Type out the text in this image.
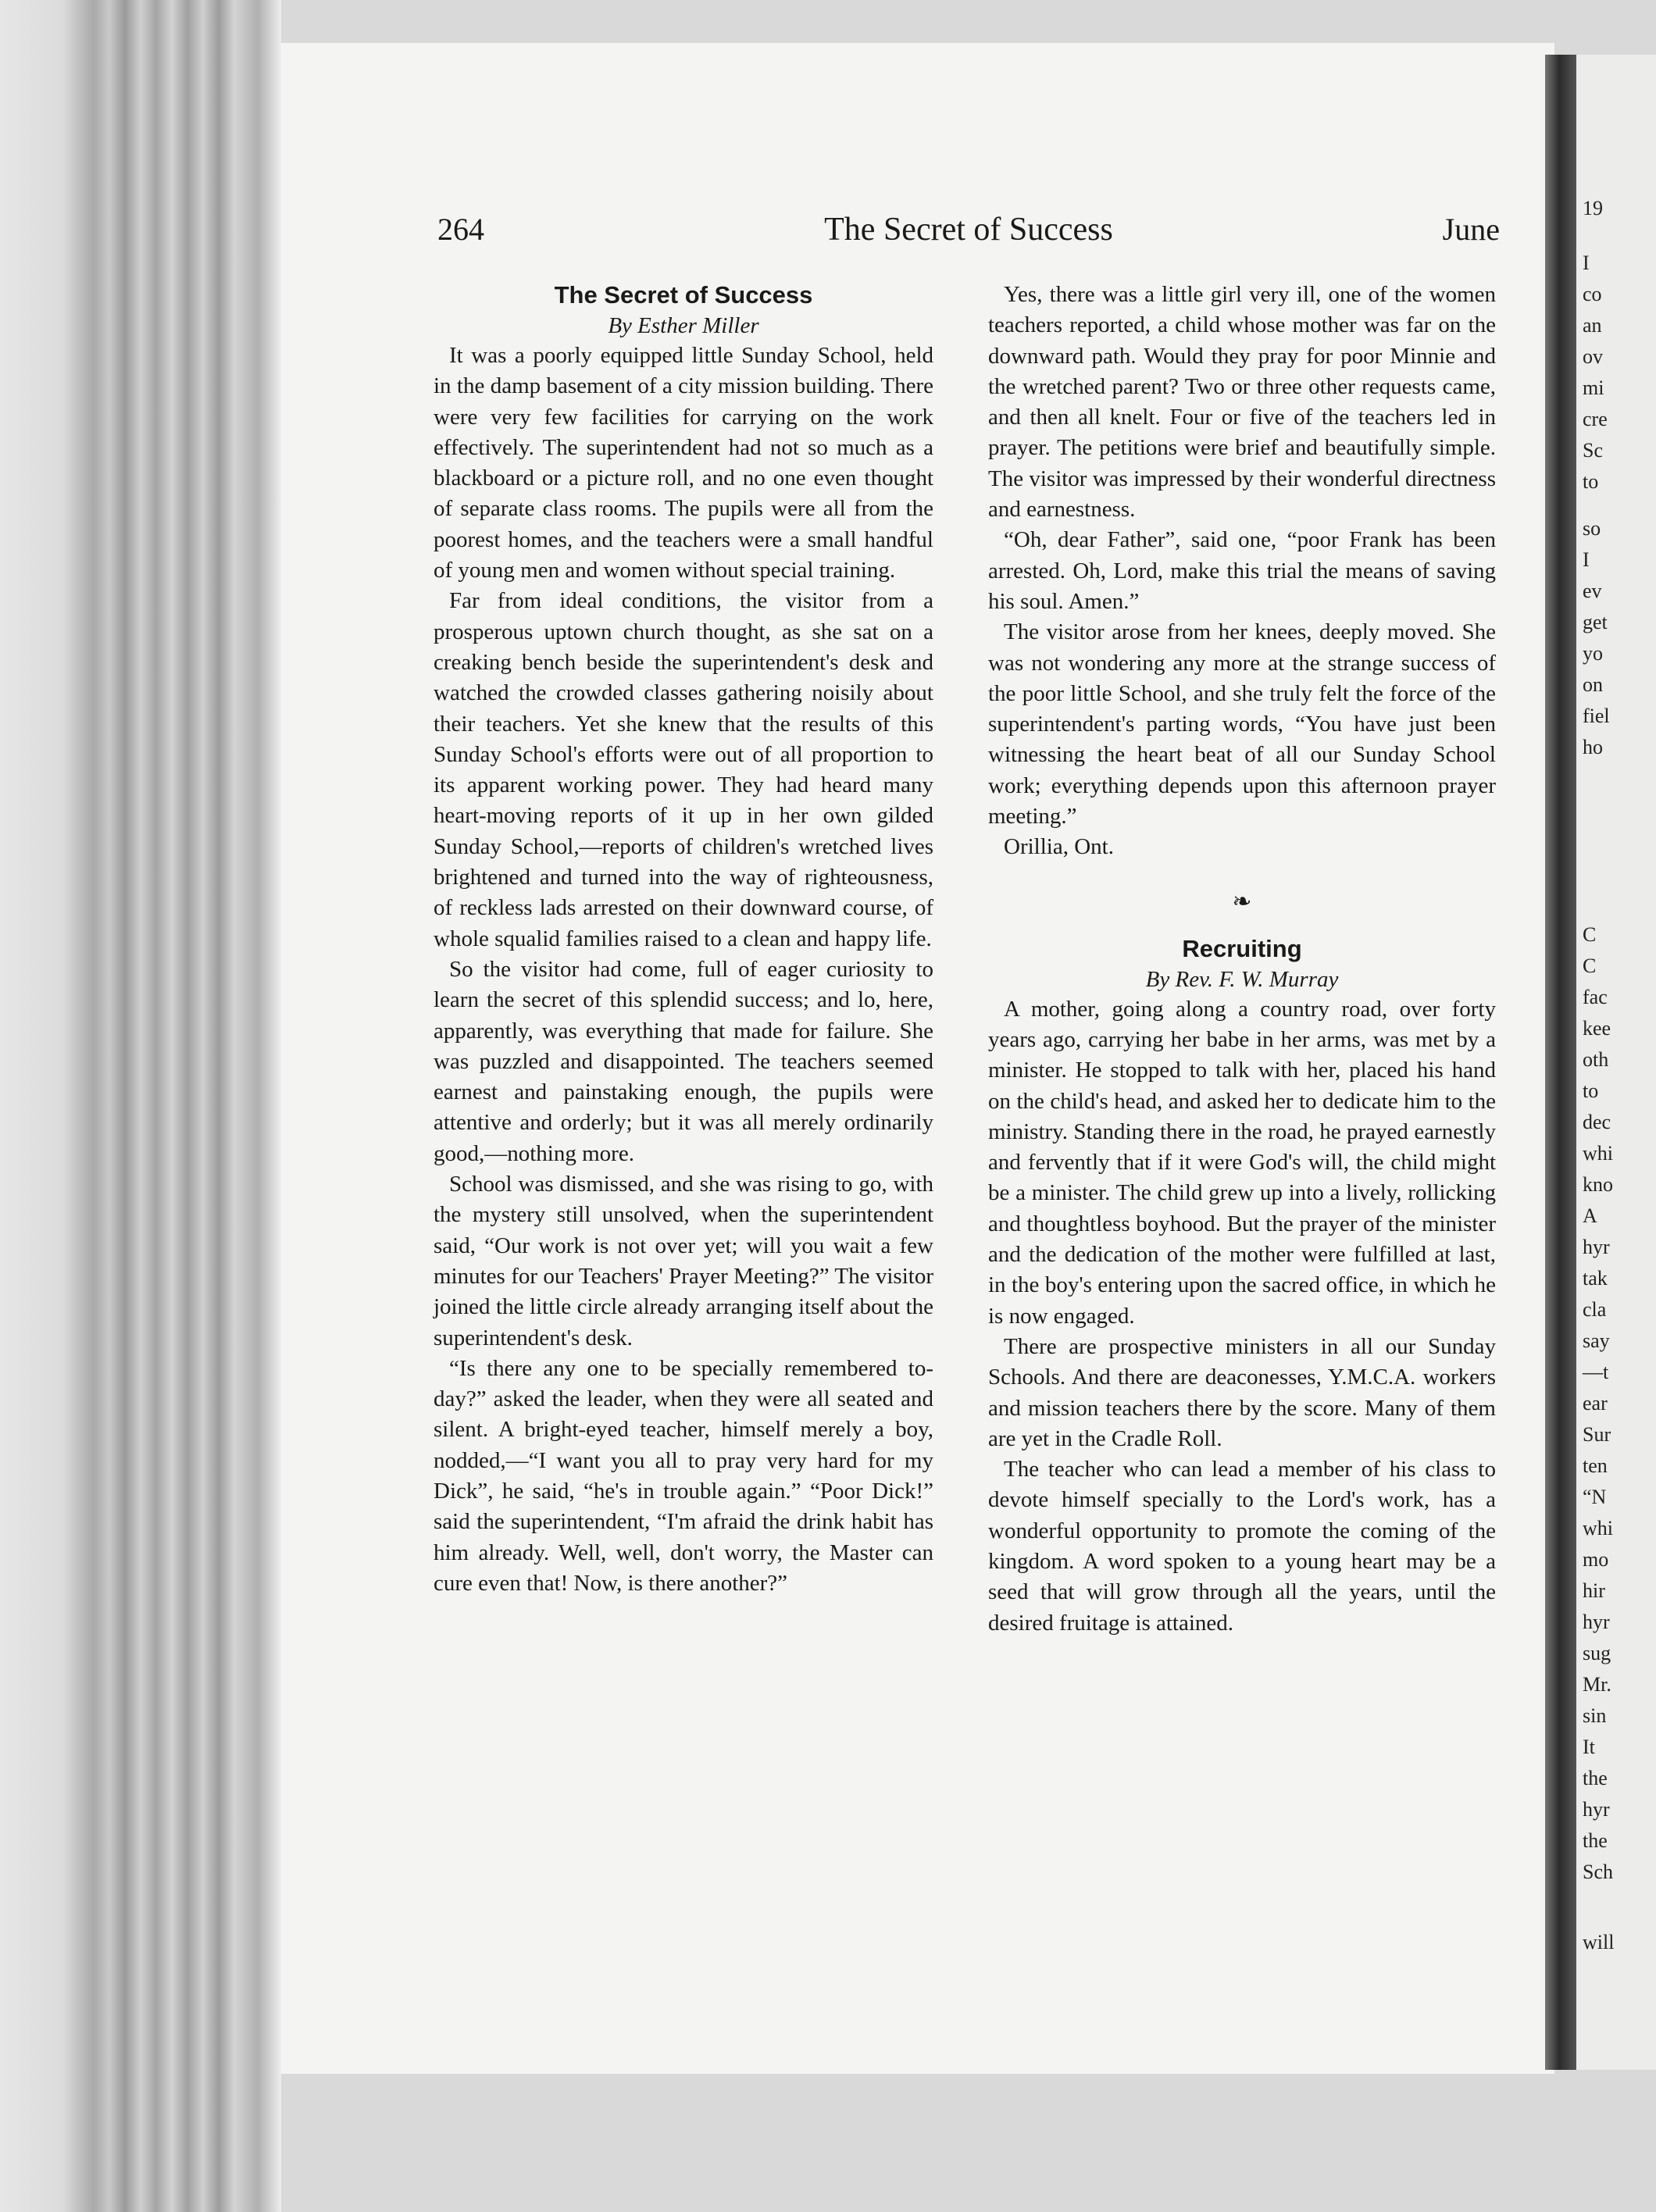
19
I
co
an
ov
mi
cre
Sc
to
so
I
ev
get
yo
on
fiel
ho
C
C
fac
kee
oth
to
dec
whi
kno
A
hyr
tak
cla
say
—t
ear
Sur
ten
“N
whi
mo
hir
hyr
sug
Mr.
sin
It
the
hyr
the
Sch
will
264	The Secret of Success	June
The Secret of Success
By Esther Miller

It was a poorly equipped little Sunday School, held in the damp basement of a city mission building. There were very few facilities for carrying on the work effectively. The superintendent had not so much as a blackboard or a picture roll, and no one even thought of separate class rooms. The pupils were all from the poorest homes, and the teachers were a small handful of young men and women without special training.

Far from ideal conditions, the visitor from a prosperous uptown church thought, as she sat on a creaking bench beside the superintendent's desk and watched the crowded classes gathering noisily about their teachers. Yet she knew that the results of this Sunday School's efforts were out of all proportion to its apparent working power. They had heard many heart-moving reports of it up in her own gilded Sunday School,—reports of children's wretched lives brightened and turned into the way of righteousness, of reckless lads arrested on their downward course, of whole squalid families raised to a clean and happy life.

So the visitor had come, full of eager curiosity to learn the secret of this splendid success; and lo, here, apparently, was everything that made for failure. She was puzzled and disappointed. The teachers seemed earnest and painstaking enough, the pupils were attentive and orderly; but it was all merely ordinarily good,—nothing more.

School was dismissed, and she was rising to go, with the mystery still unsolved, when the superintendent said, “Our work is not over yet; will you wait a few minutes for our Teachers' Prayer Meeting?” The visitor joined the little circle already arranging itself about the superintendent's desk.

“Is there any one to be specially remembered to-day?” asked the leader, when they were all seated and silent. A bright-eyed teacher, himself merely a boy, nodded,—“I want you all to pray very hard for my Dick”, he said, “he's in trouble again.” “Poor Dick!” said the superintendent, “I'm afraid the drink habit has him already. Well, well, don't worry, the Master can cure even that! Now, is there another?”

Yes, there was a little girl very ill, one of the women teachers reported, a child whose mother was far on the downward path. Would they pray for poor Minnie and the wretched parent? Two or three other requests came, and then all knelt. Four or five of the teachers led in prayer. The petitions were brief and beautifully simple. The visitor was impressed by their wonderful directness and earnestness.

“Oh, dear Father”, said one, “poor Frank has been arrested. Oh, Lord, make this trial the means of saving his soul. Amen.”

The visitor arose from her knees, deeply moved. She was not wondering any more at the strange success of the poor little School, and she truly felt the force of the superintendent's parting words, “You have just been witnessing the heart beat of all our Sunday School work; everything depends upon this afternoon prayer meeting.”

Orillia, Ont.

❧
Recruiting
By Rev. F. W. Murray

A mother, going along a country road, over forty years ago, carrying her babe in her arms, was met by a minister. He stopped to talk with her, placed his hand on the child's head, and asked her to dedicate him to the ministry. Standing there in the road, he prayed earnestly and fervently that if it were God's will, the child might be a minister. The child grew up into a lively, rollicking and thoughtless boyhood. But the prayer of the minister and the dedication of the mother were fulfilled at last, in the boy's entering upon the sacred office, in which he is now engaged.

There are prospective ministers in all our Sunday Schools. And there are deaconesses, Y.M.C.A. workers and mission teachers there by the score. Many of them are yet in the Cradle Roll.

The teacher who can lead a member of his class to devote himself specially to the Lord's work, has a wonderful opportunity to promote the coming of the kingdom. A word spoken to a young heart may be a seed that will grow through all the years, until the desired fruitage is attained.
